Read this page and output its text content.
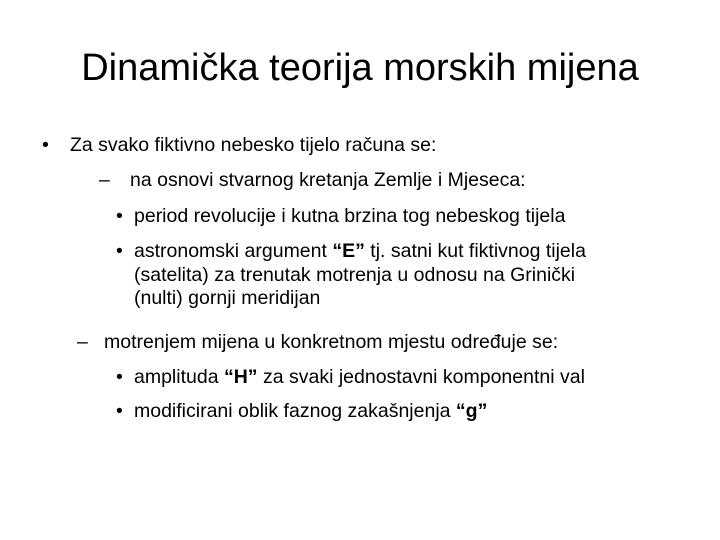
Dinamička teorija morskih mijena
• Za svako fiktivno nebesko tijelo računa se:
– na osnovi stvarnog kretanja Zemlje i Mjeseca:
• period revolucije i kutna brzina tog nebeskog tijela
• astronomski argument “E” tj. satni kut fiktivnog tijela
(satelita) za trenutak motrenja u odnosu na Grinički
(nulti) gornji meridijan
– motrenjem mijena u konkretnom mjestu određuje se:
• amplituda “H” za svaki jednostavni komponentni val
• modificirani oblik faznog zakašnjenja “g”
